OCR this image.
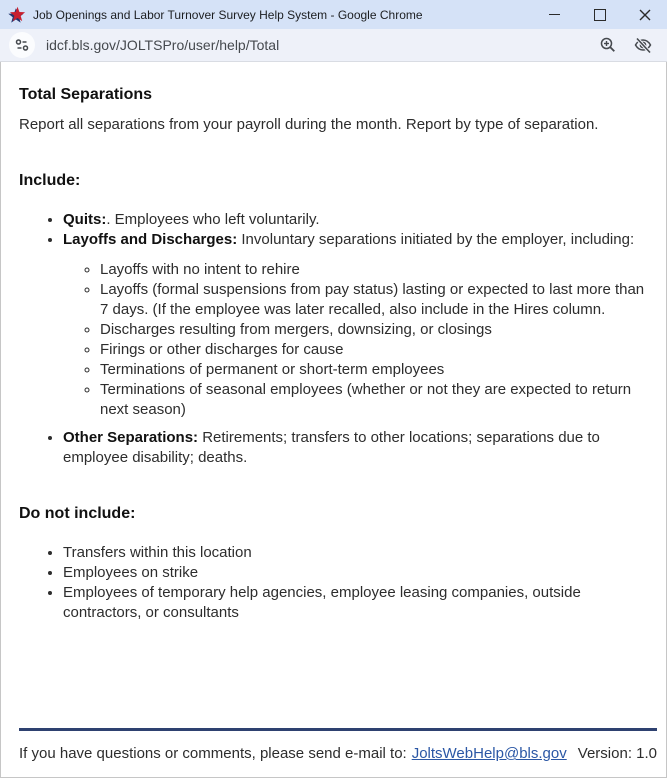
Job Openings and Labor Turnover Survey Help System - Google Chrome
idcf.bls.gov/JOLTSPro/user/help/Total
Total Separations

Report all separations from your payroll during the month. Report by type of separation.

Include:
• Quits:. Employees who left voluntarily.
• Layoffs and Discharges: Involuntary separations initiated by the employer, including:
◦ Layoffs with no intent to rehire
◦ Layoffs (formal suspensions from pay status) lasting or expected to last more than 7 days. (If the employee was later recalled, also include in the Hires column.
◦ Discharges resulting from mergers, downsizing, or closings
◦ Firings or other discharges for cause
◦ Terminations of permanent or short-term employees
◦ Terminations of seasonal employees (whether or not they are expected to return next season)
• Other Separations: Retirements; transfers to other locations; separations due to employee disability; deaths.
Do not include:
• Transfers within this location
• Employees on strike
• Employees of temporary help agencies, employee leasing companies, outside contractors, or consultants
If you have questions or comments, please send e-mail to: JoltsWebHelp@bls.gov Version: 1.0
